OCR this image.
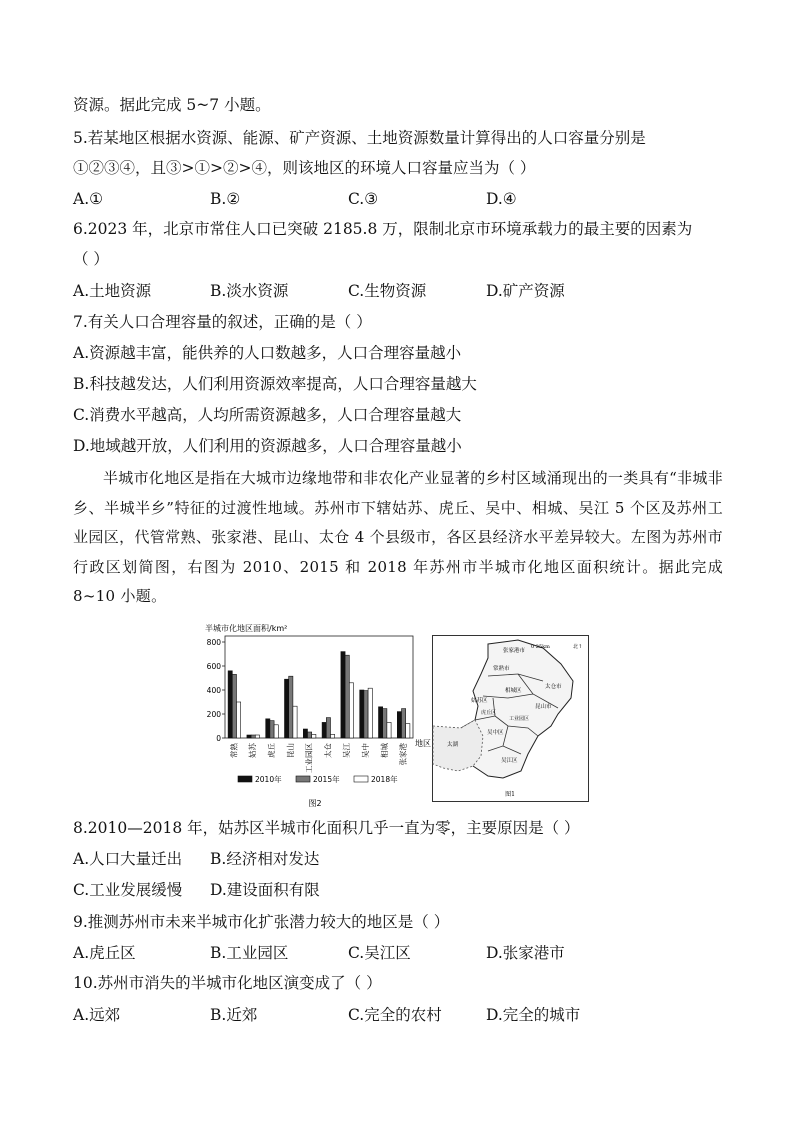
资源。据此完成 5~7 小题。
5.若某地区根据水资源、能源、矿产资源、土地资源数量计算得出的人口容量分别是
①②③④，且③>①>②>④，则该地区的环境人口容量应当为（ ）
A.①	B.②	C.③	D.④
6.2023 年，北京市常住人口已突破 2185.8 万，限制北京市环境承载力的最主要的因素为
（ ）
A.土地资源	B.淡水资源	C.生物资源	D.矿产资源
7.有关人口合理容量的叙述，正确的是（ ）
A.资源越丰富，能供养的人口数越多，人口合理容量越小
B.科技越发达，人们利用资源效率提高，人口合理容量越大
C.消费水平越高，人均所需资源越多，人口合理容量越大
D.地域越开放，人们利用的资源越多，人口合理容量越小
半城市化地区是指在大城市边缘地带和非农化产业显著的乡村区域涌现出的一类具有“非城非乡、半城半乡”特征的过渡性地域。苏州市下辖姑苏、虎丘、吴中、相城、吴江 5 个区及苏州工业园区，代管常熟、张家港、昆山、太仓 4 个县级市，各区县经济水平差异较大。左图为苏州市行政区划简图，右图为 2010、2015 和 2018 年苏州市半城市化地区面积统计。据此完成 8~10 小题。
半城市化地区面积/km²
0
200
400
600
800
常熟 姑苏 虎丘 昆山 工业园区 太仓 吴江 吴中 相城 张家港 地区
2010年	2015年	2018年
图2
张家港市
常熟市
太仓市
姑苏区
相城区
昆山市
工业园区
虎丘区
吴中区
吴江区
太湖
0 25km	北↑
图1
8.2010—2018 年，姑苏区半城市化面积几乎一直为零，主要原因是（ ）
A.人口大量迁出 B.经济相对发达
C.工业发展缓慢 D.建设面积有限
9.推测苏州市未来半城市化扩张潜力较大的地区是（ ）
A.虎丘区	B.工业园区	C.吴江区	D.张家港市
10.苏州市消失的半城市化地区演变成了（ ）
A.远郊	B.近郊	C.完全的农村	D.完全的城市
